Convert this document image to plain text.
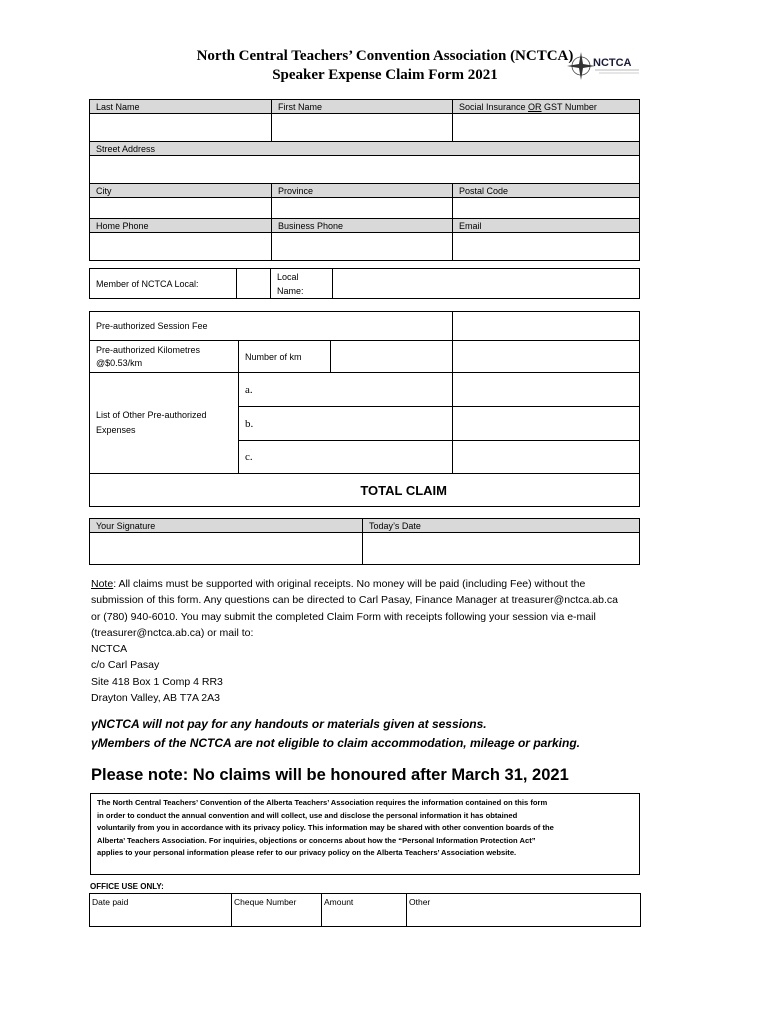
North Central Teachers’ Convention Association (NCTCA)
Speaker Expense Claim Form 2021
NCTCA
Last Name	First Name	Social Insurance OR GST Number

Street Address		

City	Province	Postal Code

Home Phone	Business Phone	Email

Member of NCTCA Local:		
Local
Name:

Pre-authorized Session Fee			

Pre-authorized Kilometres
@$0.53/km	Number of km		

List of Other Pre-authorized
Expenses	a.		
	b.		
	c.		
TOTAL CLAIM			
Your Signature	Today’s Date

Note: All claims must be supported with original receipts. No money will be paid (including Fee) without the
submission of this form. Any questions can be directed to Carl Pasay, Finance Manager at treasurer@nctca.ab.ca
or (780) 940-6010. You may submit the completed Claim Form with receipts following your session via e-mail
(treasurer@nctca.ab.ca) or mail to:
NCTCA
c/o Carl Pasay
Site 418 Box 1 Comp 4 RR3
Drayton Valley, AB T7A 2A3
γNCTCA will not pay for any handouts or materials given at sessions.
γMembers of the NCTCA are not eligible to claim accommodation, mileage or parking.
Please note: No claims will be honoured after March 31, 2021
The North Central Teachers’ Convention of the Alberta Teachers’ Association requires the information contained on this form
in order to conduct the annual convention and will collect, use and disclose the personal information it has obtained
voluntarily from you in accordance with its privacy policy. This information may be shared with other convention boards of the
Alberta’ Teachers Association. For inquiries, objections or concerns about how the “Personal Information Protection Act”
applies to your personal information please refer to our privacy policy on the Alberta Teachers’ Association website.
OFFICE USE ONLY:
Date paid	Cheque Number	Amount	Other
